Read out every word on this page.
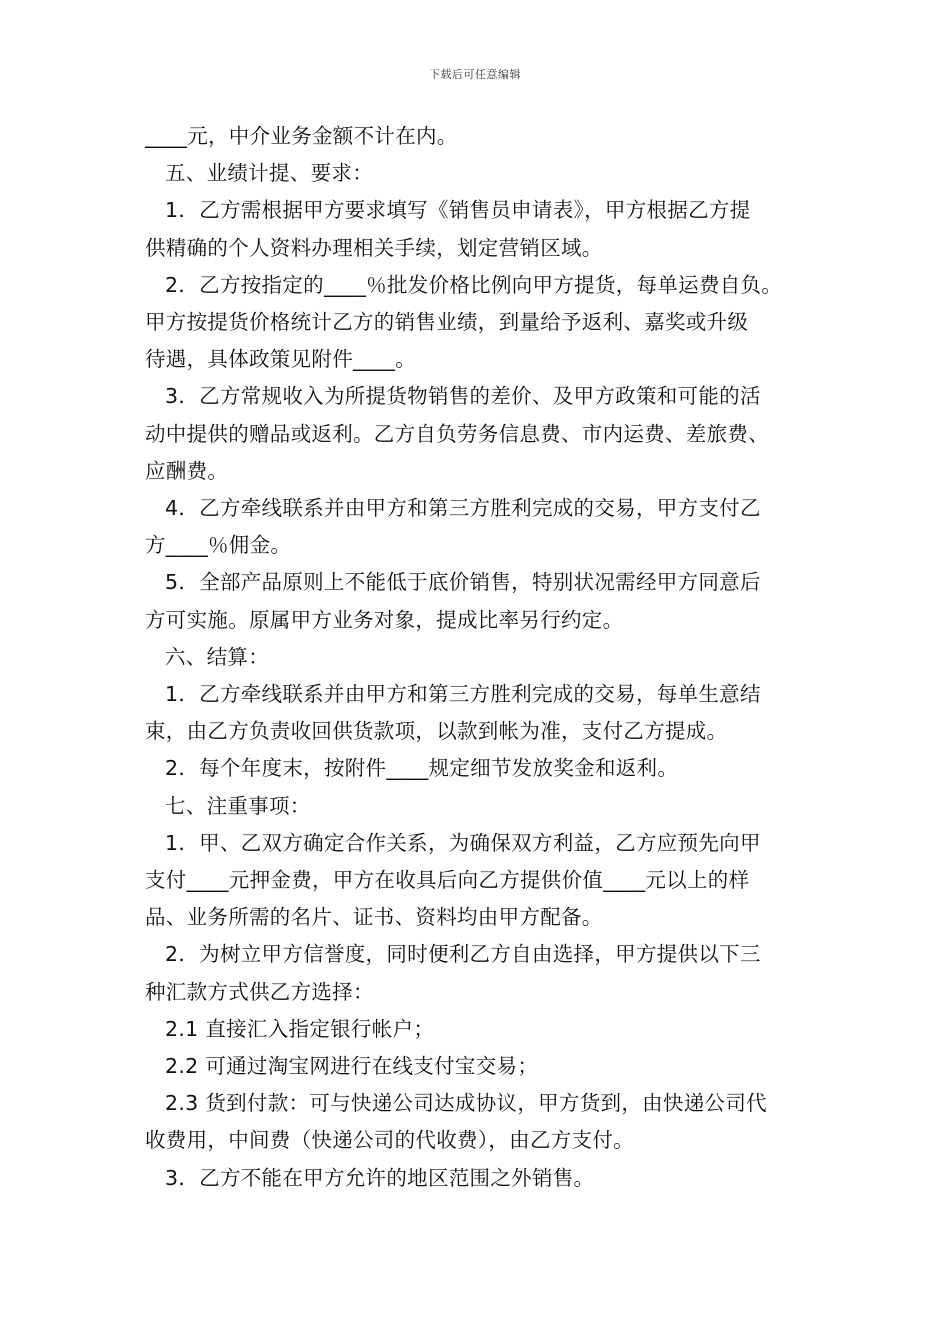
下载后可任意编辑
____元，中介业务金额不计在内。
五、业绩计提、要求：
1．乙方需根据甲方要求填写《销售员申请表》，甲方根据乙方提
供精确的个人资料办理相关手续，划定营销区域。
2．乙方按指定的____％批发价格比例向甲方提货，每单运费自负。
甲方按提货价格统计乙方的销售业绩，到量给予返利、嘉奖或升级
待遇，具体政策见附件____。
3．乙方常规收入为所提货物销售的差价、及甲方政策和可能的活
动中提供的赠品或返利。乙方自负劳务信息费、市内运费、差旅费、
应酬费。
4．乙方牵线联系并由甲方和第三方胜利完成的交易，甲方支付乙
方____％佣金。
5．全部产品原则上不能低于底价销售，特别状况需经甲方同意后
方可实施。原属甲方业务对象，提成比率另行约定。
六、结算：
1．乙方牵线联系并由甲方和第三方胜利完成的交易，每单生意结
束，由乙方负责收回供货款项，以款到帐为准，支付乙方提成。
2．每个年度末，按附件____规定细节发放奖金和返利。
七、注重事项：
1．甲、乙双方确定合作关系，为确保双方利益，乙方应预先向甲
支付____元押金费，甲方在收具后向乙方提供价值____元以上的样
品、业务所需的名片、证书、资料均由甲方配备。
2．为树立甲方信誉度，同时便利乙方自由选择，甲方提供以下三
种汇款方式供乙方选择：
2.1 直接汇入指定银行帐户；
2.2 可通过淘宝网进行在线支付宝交易；
2.3 货到付款：可与快递公司达成协议，甲方货到，由快递公司代
收费用，中间费（快递公司的代收费），由乙方支付。
3．乙方不能在甲方允许的地区范围之外销售。
